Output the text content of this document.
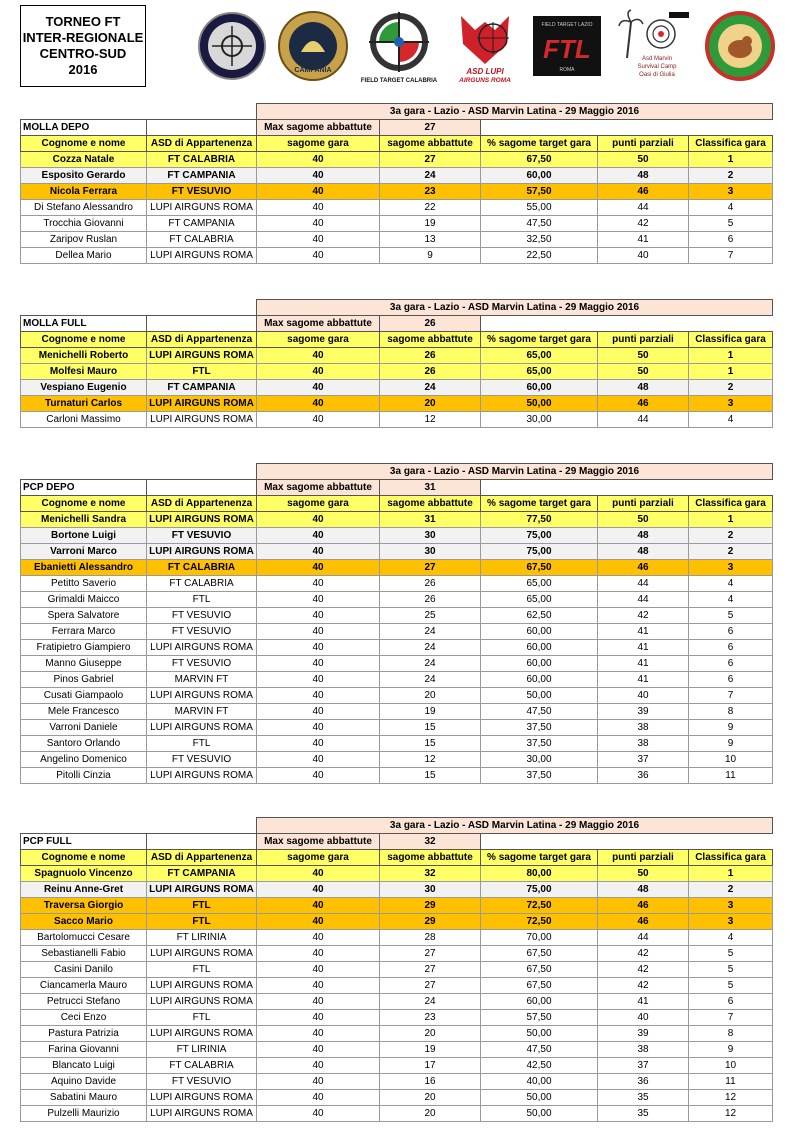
TORNEO FT
INTER-REGIONALE
CENTRO-SUD
2016	CAMPANIA
FIELD TARGET CALABRIA
ASD LUPI
AIRGUNS ROMA
FIELD TARGET LAZIO
FTL
ROMA
Asd Marvin
Survival Camp
Oasi di Giulia
		3a gara - Lazio - ASD Marvin Latina - 29 Maggio 2016				
MOLLA DEPO		Max sagome abbattute	27			
Cognome e nome	ASD di Appartenenza	sagome gara	sagome abbattute	% sagome target gara	punti parziali	Classifica gara
Cozza Natale	FT CALABRIA	40	27	67,50	50	1
Esposito Gerardo	FT CAMPANIA	40	24	60,00	48	2
Nicola Ferrara	FT VESUVIO	40	23	57,50	46	3
Di Stefano Alessandro	LUPI AIRGUNS ROMA	40	22	55,00	44	4
Trocchia Giovanni	FT CAMPANIA	40	19	47,50	42	5
Zaripov Ruslan	FT CALABRIA	40	13	32,50	41	6
Dellea Mario	LUPI AIRGUNS ROMA	40	9	22,50	40	7
		3a gara - Lazio - ASD Marvin Latina - 29 Maggio 2016				
MOLLA FULL		Max sagome abbattute	26			
Cognome e nome	ASD di Appartenenza	sagome gara	sagome abbattute	% sagome target gara	punti parziali	Classifica gara
Menichelli Roberto	LUPI AIRGUNS ROMA	40	26	65,00	50	1
Molfesi Mauro	FTL	40	26	65,00	50	1
Vespiano Eugenio	FT CAMPANIA	40	24	60,00	48	2
Turnaturi Carlos	LUPI AIRGUNS ROMA	40	20	50,00	46	3
Carloni Massimo	LUPI AIRGUNS ROMA	40	12	30,00	44	4
		3a gara - Lazio - ASD Marvin Latina - 29 Maggio 2016				
PCP DEPO		Max sagome abbattute	31			
Cognome e nome	ASD di Appartenenza	sagome gara	sagome abbattute	% sagome target gara	punti parziali	Classifica gara
Menichelli Sandra	LUPI AIRGUNS ROMA	40	31	77,50	50	1
Bortone Luigi	FT VESUVIO	40	30	75,00	48	2
Varroni Marco	LUPI AIRGUNS ROMA	40	30	75,00	48	2
Ebanietti Alessandro	FT CALABRIA	40	27	67,50	46	3
Petitto Saverio	FT CALABRIA	40	26	65,00	44	4
Grimaldi Maicco	FTL	40	26	65,00	44	4
Spera Salvatore	FT VESUVIO	40	25	62,50	42	5
Ferrara Marco	FT VESUVIO	40	24	60,00	41	6
Fratipietro Giampiero	LUPI AIRGUNS ROMA	40	24	60,00	41	6
Manno Giuseppe	FT VESUVIO	40	24	60,00	41	6
Pinos Gabriel	MARVIN FT	40	24	60,00	41	6
Cusati Giampaolo	LUPI AIRGUNS ROMA	40	20	50,00	40	7
Mele Francesco	MARVIN FT	40	19	47,50	39	8
Varroni Daniele	LUPI AIRGUNS ROMA	40	15	37,50	38	9
Santoro Orlando	FTL	40	15	37,50	38	9
Angelino Domenico	FT VESUVIO	40	12	30,00	37	10
Pitolli Cinzia	LUPI AIRGUNS ROMA	40	15	37,50	36	11
		3a gara - Lazio - ASD Marvin Latina - 29 Maggio 2016				
PCP FULL		Max sagome abbattute	32			
Cognome e nome	ASD di Appartenenza	sagome gara	sagome abbattute	% sagome target gara	punti parziali	Classifica gara
Spagnuolo Vincenzo	FT CAMPANIA	40	32	80,00	50	1
Reinu Anne-Gret	LUPI AIRGUNS ROMA	40	30	75,00	48	2
Traversa Giorgio	FTL	40	29	72,50	46	3
Sacco Mario	FTL	40	29	72,50	46	3
Bartolomucci Cesare	FT LIRINIA	40	28	70,00	44	4
Sebastianelli Fabio	LUPI AIRGUNS ROMA	40	27	67,50	42	5
Casini Danilo	FTL	40	27	67,50	42	5
Ciancamerla Mauro	LUPI AIRGUNS ROMA	40	27	67,50	42	5
Petrucci Stefano	LUPI AIRGUNS ROMA	40	24	60,00	41	6
Ceci Enzo	FTL	40	23	57,50	40	7
Pastura Patrizia	LUPI AIRGUNS ROMA	40	20	50,00	39	8
Farina Giovanni	FT LIRINIA	40	19	47,50	38	9
Blancato Luigi	FT CALABRIA	40	17	42,50	37	10
Aquino Davide	FT VESUVIO	40	16	40,00	36	11
Sabatini Mauro	LUPI AIRGUNS ROMA	40	20	50,00	35	12
Pulzelli Maurizio	LUPI AIRGUNS ROMA	40	20	50,00	35	12
